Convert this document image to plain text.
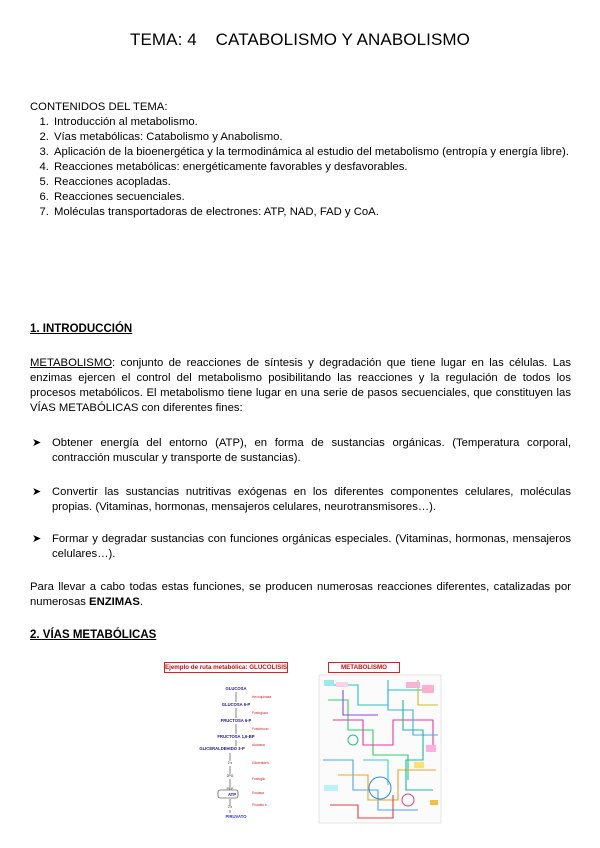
TEMA: 4 CATABOLISMO Y ANABOLISMO
CONTENIDOS DEL TEMA:
1. Introducción al metabolismo.
2. Vías metabólicas: Catabolismo y Anabolismo.
3. Aplicación de la bioenergética y la termodinámica al estudio del metabolismo (entropía y energía libre).
4. Reacciones metabólicas: energéticamente favorables y desfavorables.
5. Reacciones acopladas.
6. Reacciones secuenciales.
7. Moléculas transportadoras de electrones: ATP, NAD, FAD y CoA.
1. INTRODUCCIÓN
METABOLISMO: conjunto de reacciones de síntesis y degradación que tiene lugar en las células. Las enzimas ejercen el control del metabolismo posibilitando las reacciones y la regulación de todos los procesos metabólicos. El metabolismo tiene lugar en una serie de pasos secuenciales, que constituyen las VÍAS METABÓLICAS con diferentes fines:
➤ Obtener energía del entorno (ATP), en forma de sustancias orgánicas. (Temperatura corporal, contracción muscular y transporte de sustancias).
➤ Convertir las sustancias nutritivas exógenas en los diferentes componentes celulares, moléculas propias. (Vitaminas, hormonas, mensajeros celulares, neurotransmisores…).
➤ Formar y degradar sustancias con funciones orgánicas especiales. (Vitaminas, hormonas, mensajeros celulares…).
Para llevar a cabo todas estas funciones, se producen numerosas reacciones diferentes, catalizadas por numerosas ENZIMAS.
2. VÍAS METABÓLICAS
Ejemplo de ruta metabólica: GLUCOLISIS
GLUCOSA
GLUCOSA 6-P
FRUCTOSA 6-P
FRUCTOSA 1,6-BP
GLICERALDEHIDO 3-P
ATP
PIRUVATO
2 x
2PG
PEP
2 x
Hexoquinasa
Fosfogluco
Fosfofructo
Aldolasa
Gliceraldeh.
Fosfoglic.
Enolasa
Piruvato k.
METABOLISMO
